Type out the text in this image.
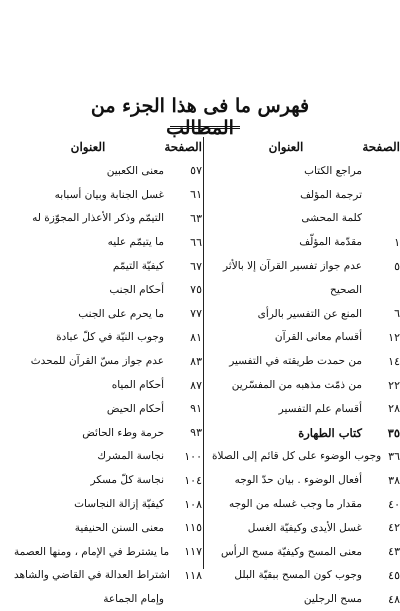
فهرس ما فى هذا الجزء من المطالب
الصفحة
العنوان
مراجع الكتاب
ترجمة المؤلف
كلمة المحشى
١
مقدّمة المؤلّف
٥
عدم جواز تفسير القرآن إلا بالأثر
الصحيح
٦
المنع عن التفسير بالرأى
١٢
أقسام معانى القرآن
١٤
من حمدت طريقته في التفسير
٢٢
من ذمّت مذهبه من المفسّرين
٢٨
أقسام علم التفسير
٣٥
كتاب الطهارة
٣٦
وجوب الوضوء على كل قائم إلى الصلاة
٣٨
أفعال الوضوء . بيان حدّ الوجه
٤٠
مقدار ما وجب غسله من الوجه
٤٢
غسل الأيدى وكيفيّة الغسل
٤٣
معنى المسح وكيفيّة مسح الرأس
٤٥
وجوب كون المسح ببقيّة البلل
٤٨
مسح الرجلين
الصفحة
العنوان
٥٧
معنى الكعبين
٦١
غسل الجنابة وبيان أسبابه
٦٣
التيمّم وذكر الأعذار المجوّزة له
٦٦
ما يتيمّم عليه
٦٧
كيفيّة التيمّم
٧٥
أحكام الجنب
٧٧
ما يحرم على الجنب
٨١
وجوب النيّة في كلّ عبادة
٨٣
عدم جواز مسّ القرآن للمحدث
٨٧
أحكام المياه
٩١
أحكام الحيض
٩٣
حرمة وطء الحائض
١٠٠
نجاسة المشرك
١٠٤
نجاسة كلّ مسكر
١٠٨
كيفيّة إزالة النجاسات
١١٥
معنى السنن الحنيفية
١١٧
ما يشترط في الإمام ، ومنها العصمة
١١٨
اشتراط العدالة في القاضي والشاهد
وإمام الجماعة
